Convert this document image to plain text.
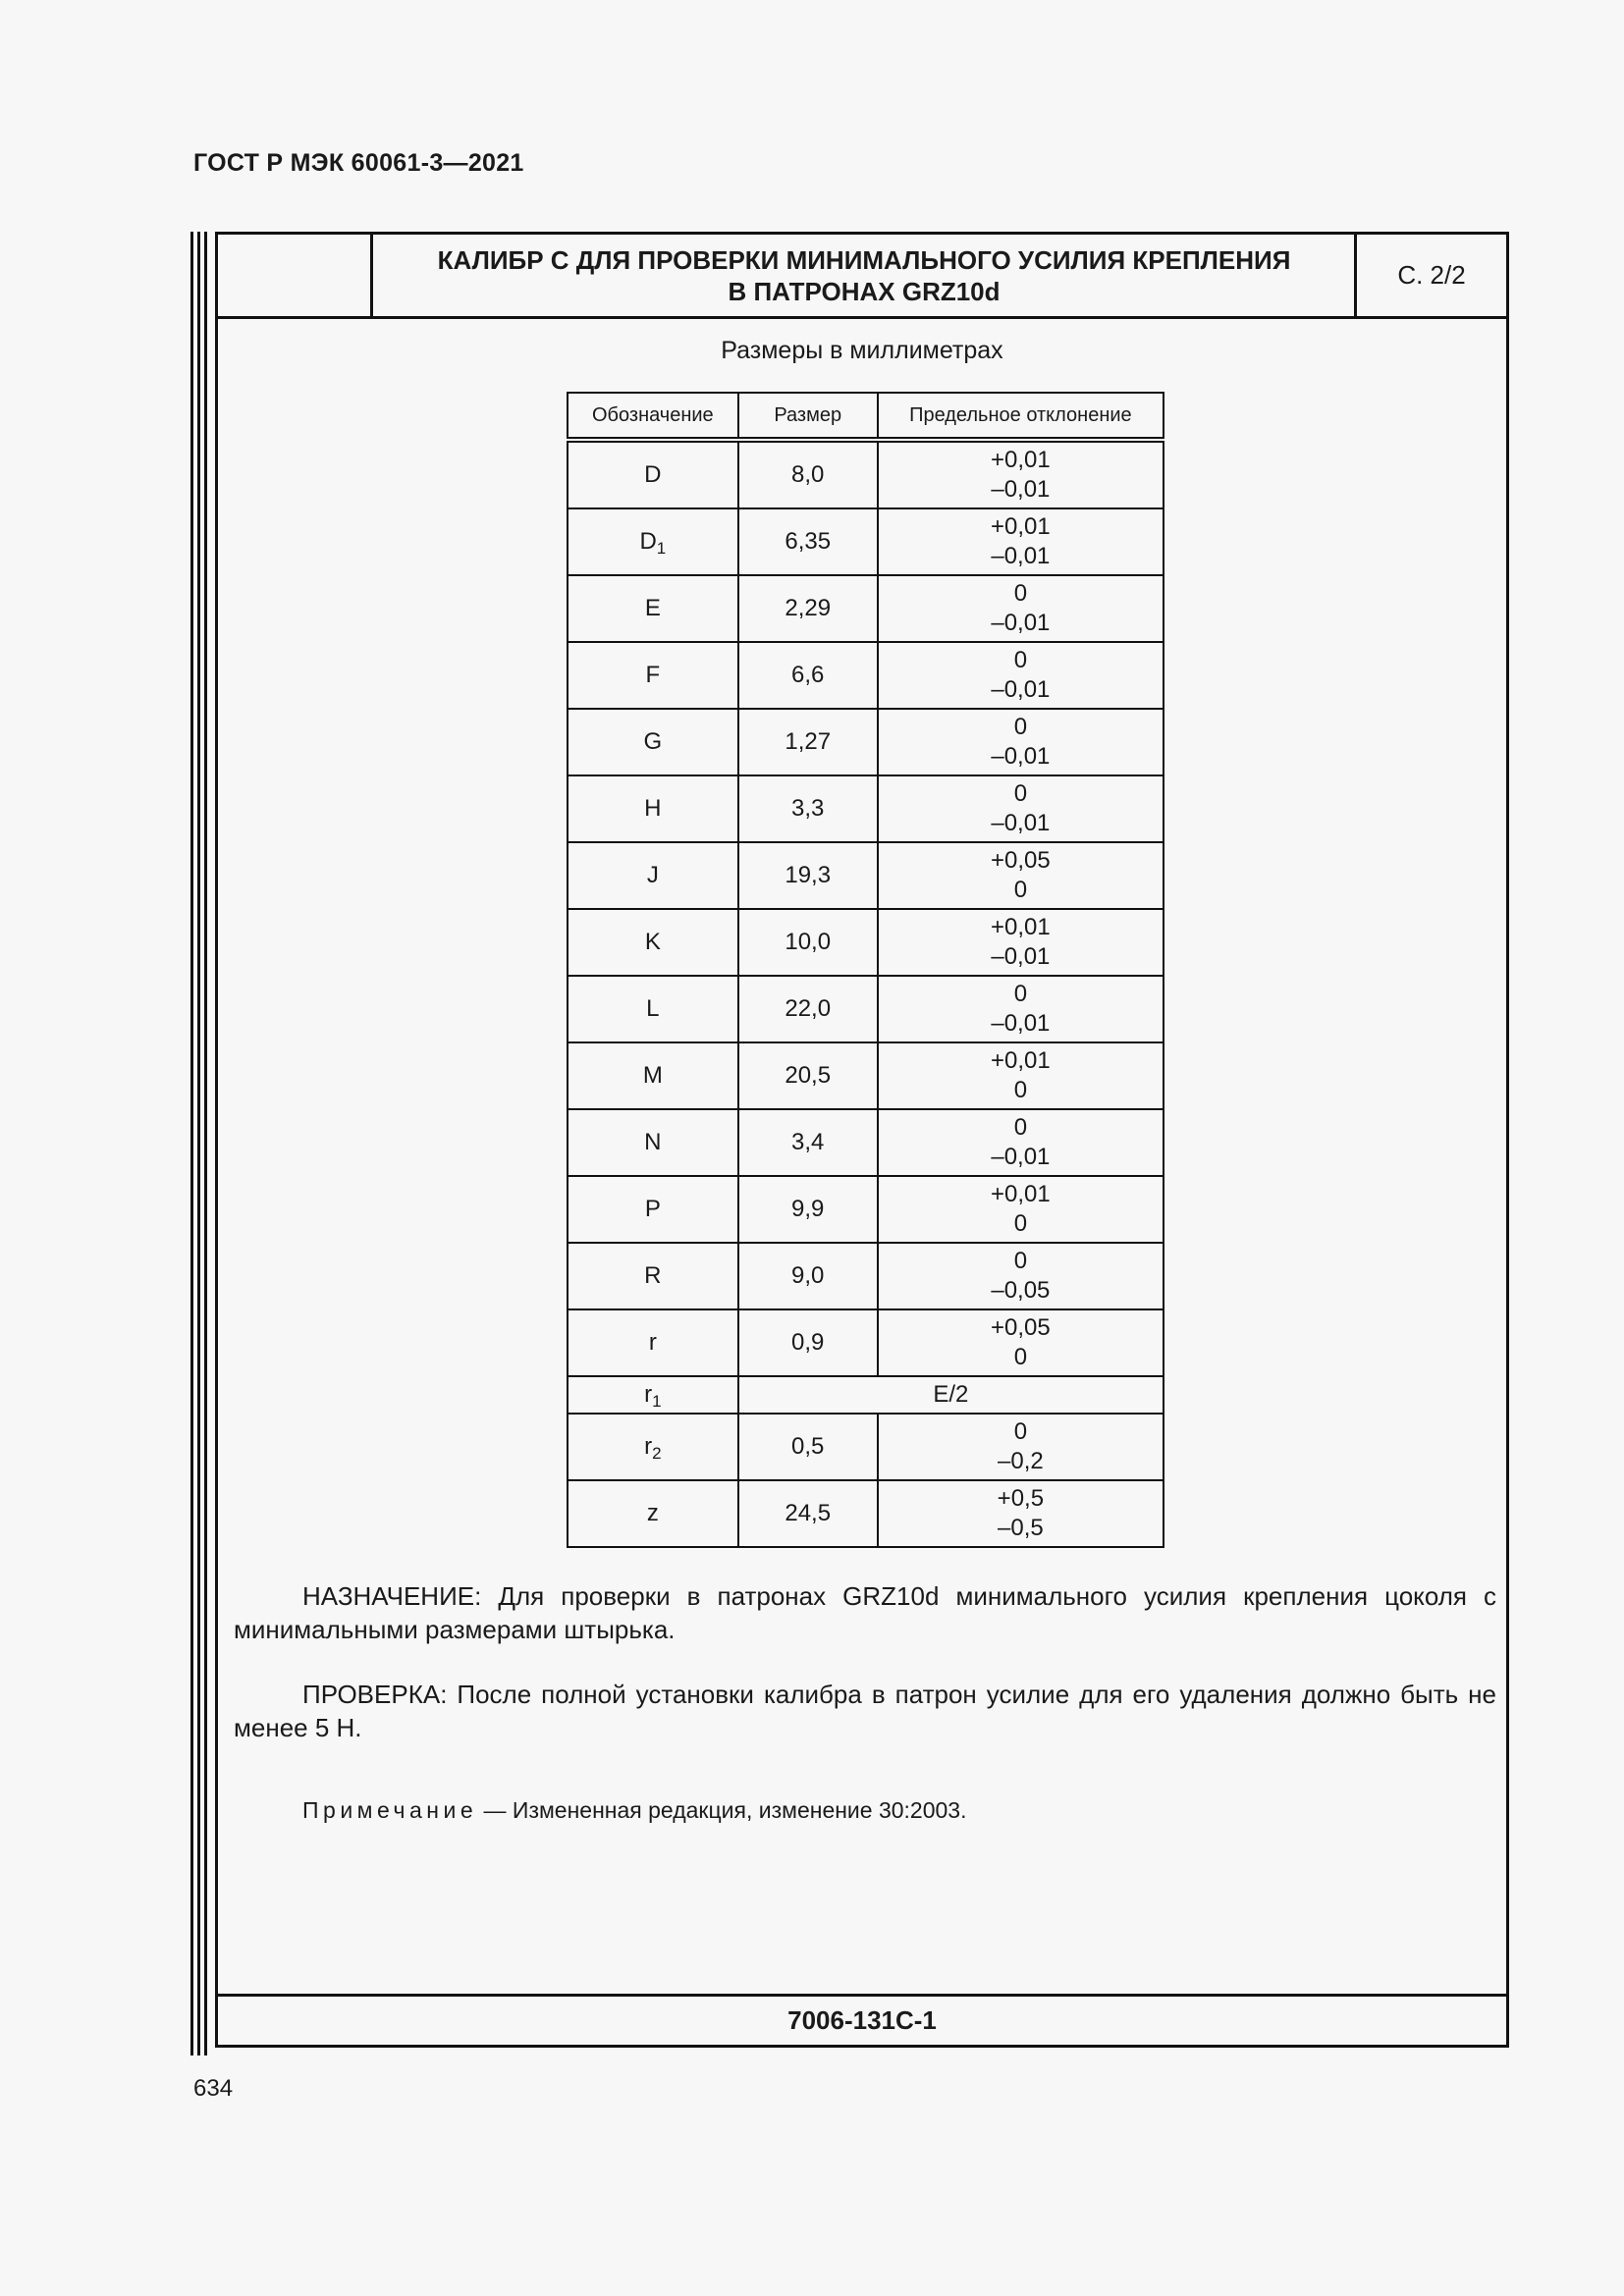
ГОСТ Р МЭК 60061-3—2021
КАЛИБР С ДЛЯ ПРОВЕРКИ МИНИМАЛЬНОГО УСИЛИЯ КРЕПЛЕНИЯ
В ПАТРОНАХ GRZ10d
С. 2/2
Размеры в миллиметрах
Обозначение	Размер	Предельное отклонение
D	8,0	+0,01
–0,01

$D_1$	6,35	+0,01
–0,01

E	2,29	0
–0,01

F	6,6	0
–0,01

G	1,27	0
–0,01

H	3,3	0
–0,01

J	19,3	+0,05
0

K	10,0	+0,01
–0,01

L	22,0	0
–0,01

M	20,5	+0,01
0

N	3,4	0
–0,01

P	9,9	+0,01
0

R	9,0	0
–0,05

r	0,9	+0,05
0

$r_1$	E/2	
$r_2$	0,5	0
–0,2

z	24,5	+0,5
–0,5
НАЗНАЧЕНИЕ: Для проверки в патронах GRZ10d минимального усилия крепления цоколя с минимальными размерами штырька.
ПРОВЕРКА: После полной установки калибра в патрон усилие для его удаления должно быть не менее 5 Н.
Примечание — Измененная редакция, изменение 30:2003.
7006-131С-1
634
